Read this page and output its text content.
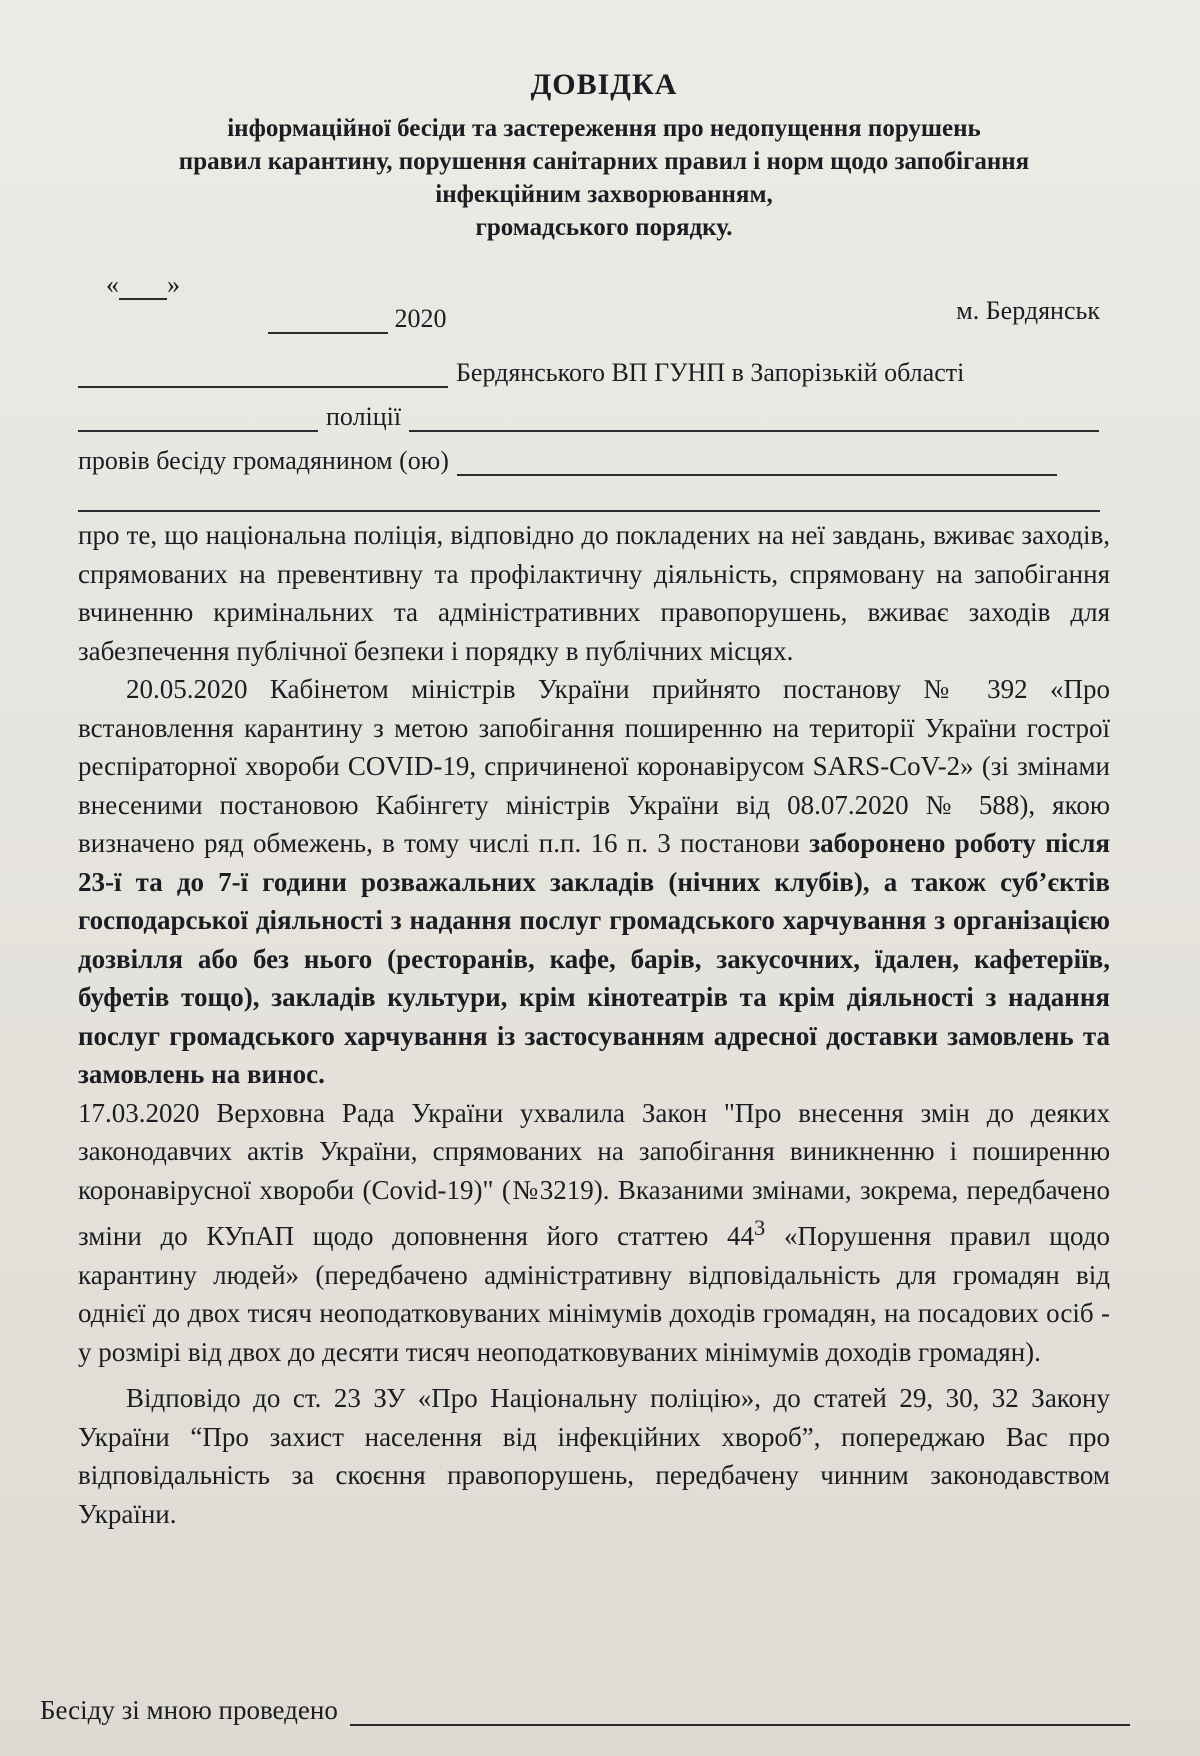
ДОВІДКА
інформаційної бесіди та застереження про недопущення порушень
правил карантину, порушення санітарних правил і норм щодо запобігання
інфекційним захворюванням,
громадського порядку.
« »
2020	м. Бердянськ
Бердянського ВП ГУНП в Запорізькій області
поліції
провів бесіду громадянином (ою)

про те, що національна поліція, відповідно до покладених на неї завдань, вживає заходів, спрямованих на превентивну та профілактичну діяльність, спрямовану на запобігання вчиненню кримінальних та адміністративних правопорушень, вживає заходів для забезпечення публічної безпеки і порядку в публічних місцях.

20.05.2020 Кабінетом міністрів України прийнято постанову № 392 «Про встановлення карантину з метою запобігання поширенню на території України гострої респіраторної хвороби COVID-19, спричиненої коронавірусом SARS-CoV-2» (зі змінами внесеними постановою Кабінгету міністрів України від 08.07.2020 № 588), якою визначено ряд обмежень, в тому числі п.п. 16 п. 3 постанови заборонено роботу після 23-ї та до 7-ї години розважальних закладів (нічних клубів), а також суб’єктів господарської діяльності з надання послуг громадського харчування з організацією дозвілля або без нього (ресторанів, кафе, барів, закусочних, їдален, кафетеріїв, буфетів тощо), закладів культури, крім кінотеатрів та крім діяльності з надання послуг громадського харчування із застосуванням адресної доставки замовлень та замовлень на винос.

17.03.2020 Верховна Рада України ухвалила Закон "Про внесення змін до деяких законодавчих актів України, спрямованих на запобігання виникненню і поширенню коронавірусної хвороби (Covid-19)" (№3219). Вказаними змінами, зокрема, передбачено зміни до КУпАП щодо доповнення його статтею $44^3$ «Порушення правил щодо карантину людей» (передбачено адміністративну відповідальність для громадян від однієї до двох тисяч неоподатковуваних мінімумів доходів громадян, на посадових осіб - у розмірі від двох до десяти тисяч неоподатковуваних мінімумів доходів громадян).

Відповідо до ст. 23 ЗУ «Про Національну поліцію», до статей 29, 30, 32 Закону України “Про захист населення від інфекційних хвороб”, попереджаю Вас про відповідальність за скоєння правопорушень, передбачену чинним законодавством України.

Бесіду зі мною проведено
